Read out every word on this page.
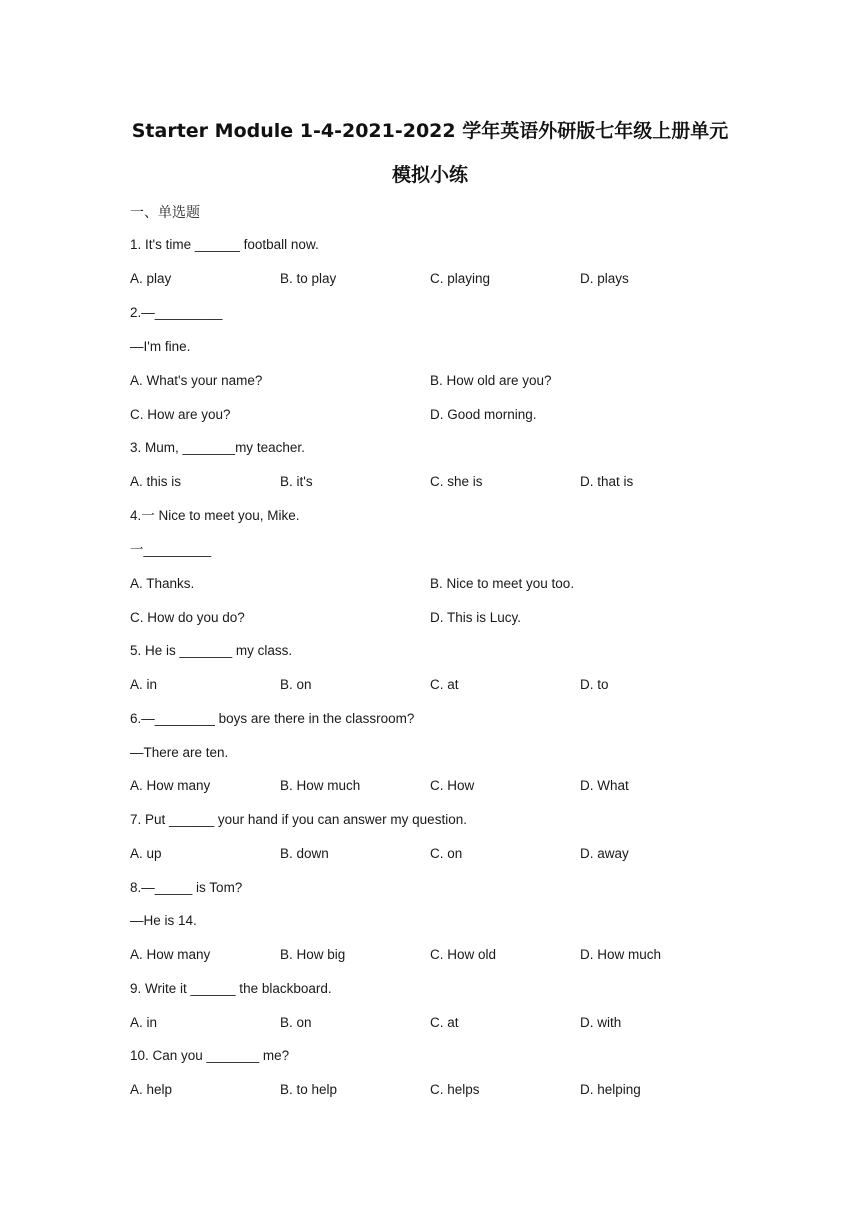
Starter Module 1-4-2021-2022 学年英语外研版七年级上册单元
模拟小练
一、单选题
1. It's time ______ football now.
A. play	B. to play	C. playing	D. plays
2.—_________
—I'm fine.
A. What's your name?	B. How old are you?
C. How are you?	D. Good morning.
3. Mum, _______my teacher.
A. this is	B. it's	C. she is	D. that is
4.一 Nice to meet you, Mike.
一_________
A. Thanks.	B. Nice to meet you too.
C. How do you do?	D. This is Lucy.
5. He is _______ my class.
A. in	B. on	C. at	D. to
6.—________ boys are there in the classroom?
—There are ten.
A. How many	B. How much	C. How	D. What
7. Put ______ your hand if you can answer my question.
A. up	B. down	C. on	D. away
8.—_____ is Tom?
—He is 14.
A. How many	B. How big	C. How old	D. How much
9. Write it ______ the blackboard.
A. in	B. on	C. at	D. with
10. Can you _______ me?
A. help	B. to help	C. helps	D. helping
